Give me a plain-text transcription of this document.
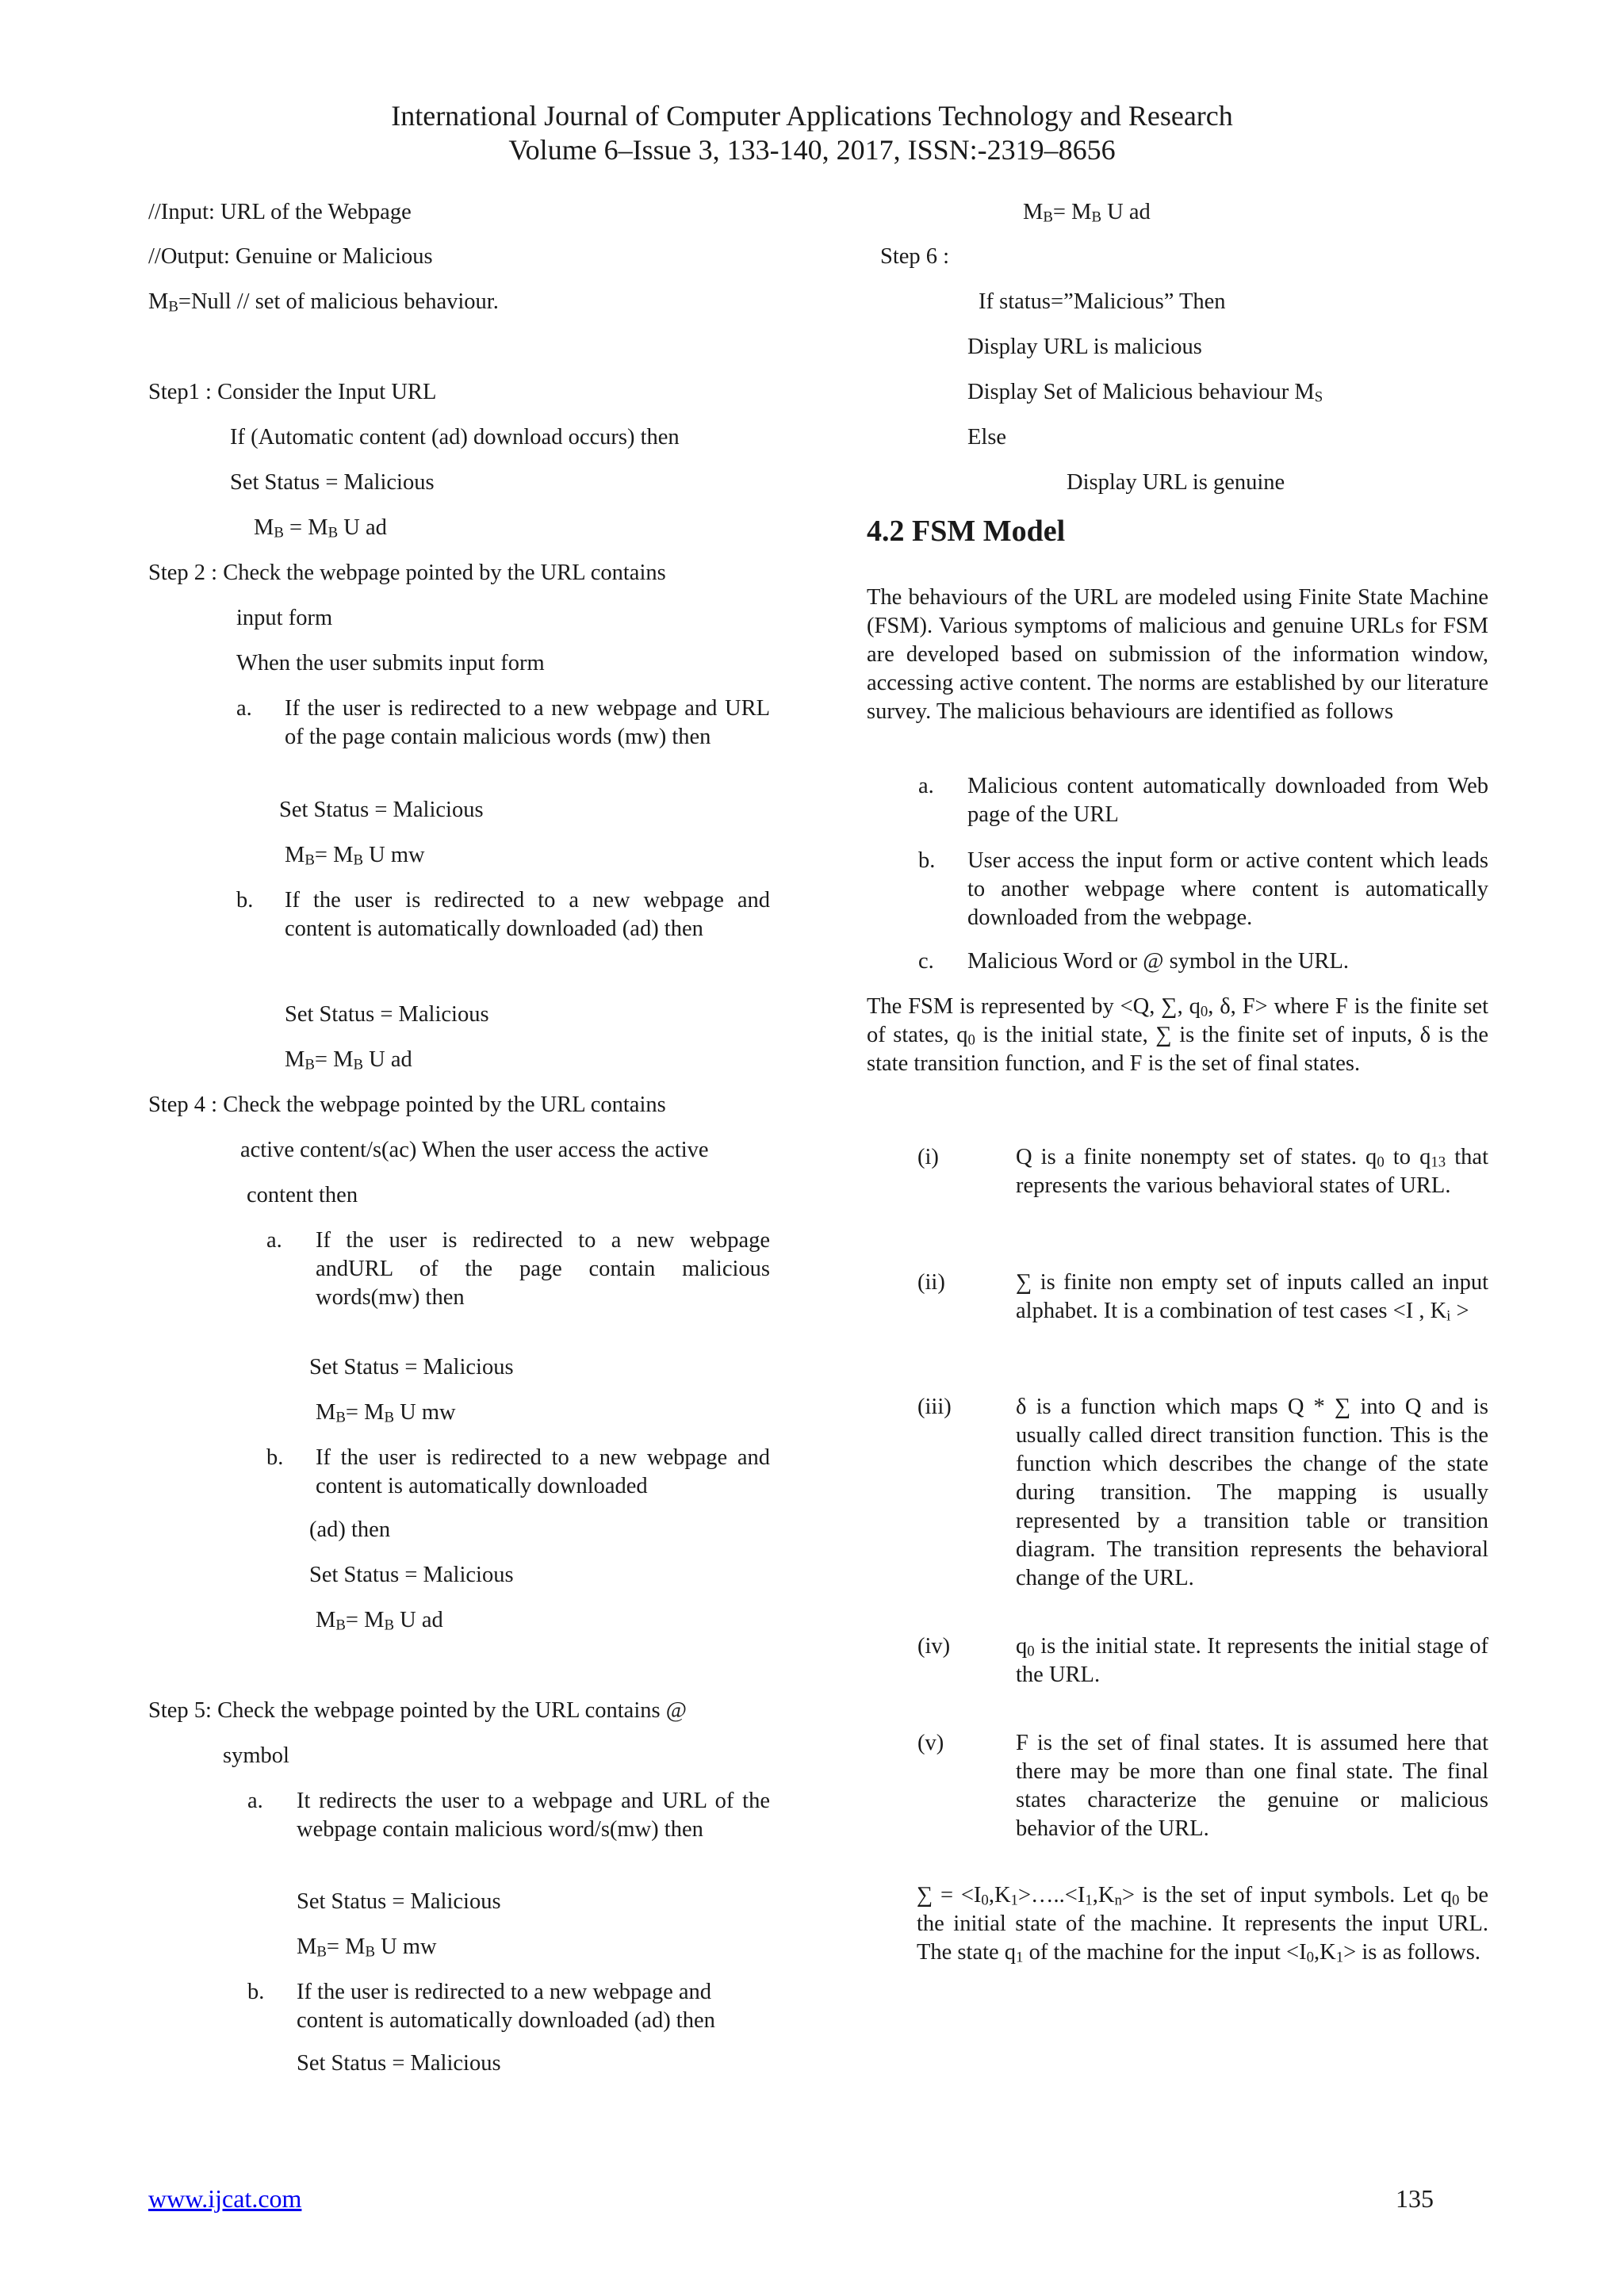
International Journal of Computer Applications Technology and Research
Volume 6–Issue 3, 133-140, 2017, ISSN:-2319–8656
//Input: URL of the Webpage
//Output: Genuine or Malicious
$M_B=Null$ // set of malicious behaviour.
Step1 : Consider the Input URL
If (Automatic content (ad) download occurs) then
Set Status = Malicious
$M_B = M_B$ U ad
Step 2 : Check the webpage pointed by the URL contains
input form
When the user submits input form
a. If the user is redirected to a new webpage and URL of the page contain malicious words (mw) then
Set Status = Malicious
$M_B= M_B$ U mw
b. If the user is redirected to a new webpage and content is automatically downloaded (ad) then
Set Status = Malicious
$M_B= M_B$ U ad
Step 4 : Check the webpage pointed by the URL contains
active content/s(ac) When the user access the active
content then
a. If the user is redirected to a new webpage andURL of the page contain malicious words(mw) then
Set Status = Malicious
$M_B= M_B$ U mw
b. If the user is redirected to a new webpage and content is automatically downloaded
(ad) then
Set Status = Malicious
$M_B= M_B$ U ad
Step 5: Check the webpage pointed by the URL contains @
symbol
a. It redirects the user to a webpage and URL of the webpage contain malicious word/s(mw) then
Set Status = Malicious
$M_B= M_B$ U mw
b. If the user is redirected to a new webpage and content is automatically downloaded (ad) then
Set Status = Malicious
$M_B= M_B$ U ad
Step 6 :
If status=”Malicious” Then
Display URL is malicious
Display Set of Malicious behaviour $M_S$
Else
Display URL is genuine
4.2 FSM Model
The behaviours of the URL are modeled using Finite State Machine (FSM). Various symptoms of malicious and genuine URLs for FSM are developed based on submission of the information window, accessing active content. The norms are established by our literature survey. The malicious behaviours are identified as follows
a. Malicious content automatically downloaded from Web page of the URL
b. User access the input form or active content which leads to another webpage where content is automatically downloaded from the webpage.
c. Malicious Word or @ symbol in the URL.
The FSM is represented by <Q, ∑, $q_0$, δ, F> where F is the finite set of states, $q_0$ is the initial state, ∑ is the finite set of inputs, δ is the state transition function, and F is the set of final states.
(i)	Q is a finite nonempty set of states. $q_0$ to $q_{13}$ that represents the various behavioral states of URL.
(ii)	∑ is finite non empty set of inputs called an input alphabet. It is a combination of test cases <I , $K_i$ >
(iii)	δ is a function which maps Q * ∑ into Q and is usually called direct transition function. This is the function which describes the change of the state during transition. The mapping is usually represented by a transition table or transition diagram. The transition represents the behavioral change of the URL.
(iv)	$q_0$ is the initial state. It represents the initial stage of the URL.
(v)	F is the set of final states. It is assumed here that there may be more than one final state. The final states characterize the genuine or malicious behavior of the URL.
∑ = $<I_0,K_1>\dots..<I_1,K_n>$ is the set of input symbols. Let $q_0$ be the initial state of the machine. It represents the input URL. The state $q_1$ of the machine for the input $<I_0,K_1>$ is as follows.
www.ijcat.com	135
